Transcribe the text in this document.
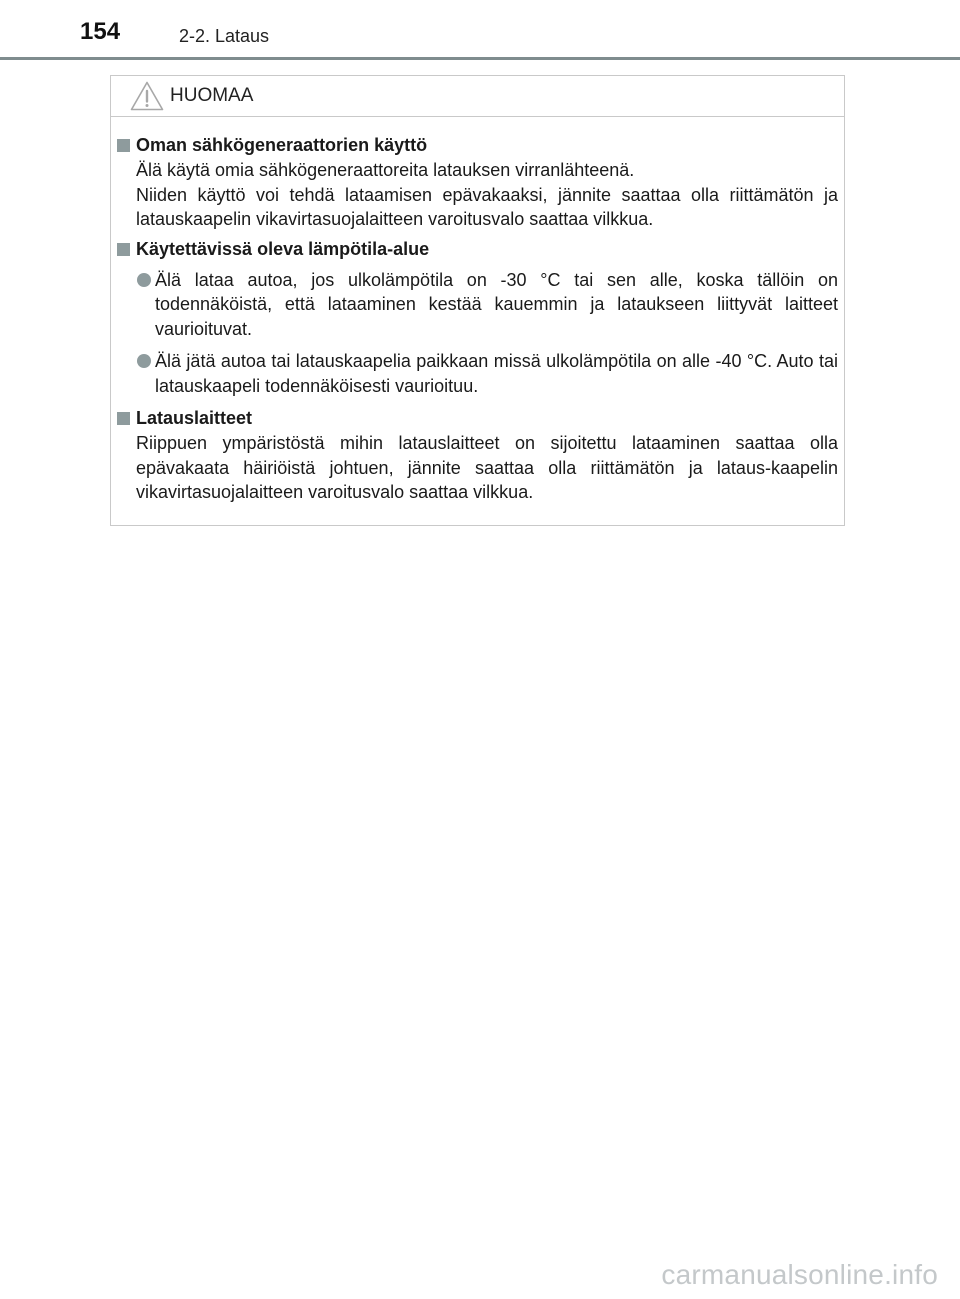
154	2-2. Lataus
HUOMAA
Oman sähkögeneraattorien käyttö
Älä käytä omia sähkögeneraattoreita latauksen virranlähteenä.
Niiden käyttö voi tehdä lataamisen epävakaaksi, jännite saattaa olla riittämätön ja latauskaapelin vikavirtasuojalaitteen varoitusvalo saattaa vilkkua.
Käytettävissä oleva lämpötila-alue
Älä lataa autoa, jos ulkolämpötila on -30 °C tai sen alle, koska tällöin on todennäköistä, että lataaminen kestää kauemmin ja lataukseen liittyvät laitteet vaurioituvat.
Älä jätä autoa tai latauskaapelia paikkaan missä ulkolämpötila on alle -40 °C. Auto tai latauskaapeli todennäköisesti vaurioituu.
Latauslaitteet
Riippuen ympäristöstä mihin latauslaitteet on sijoitettu lataaminen saattaa olla epävakaata häiriöistä johtuen, jännite saattaa olla riittämätön ja lataus-kaapelin vikavirtasuojalaitteen varoitusvalo saattaa vilkkua.
carmanualsonline.info
